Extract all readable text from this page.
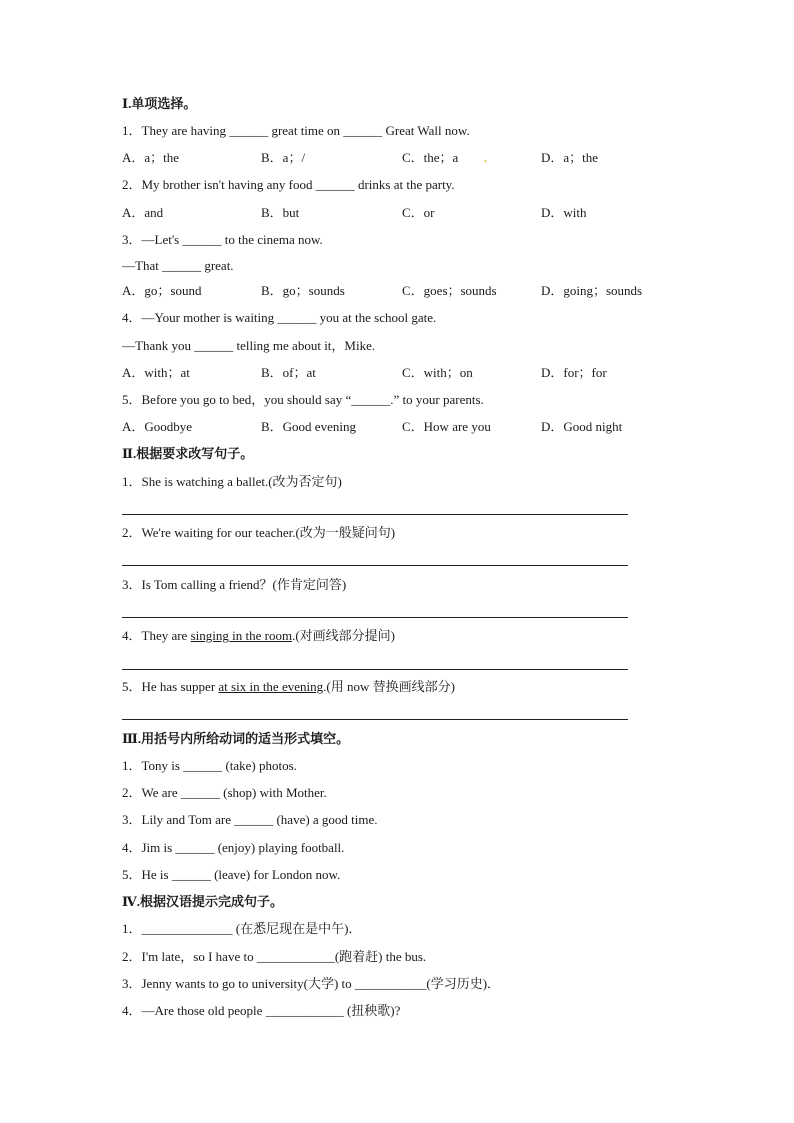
Ⅰ.单项选择。
1．They are having ______ great time on ______ Great Wall now.
A．a；the	B．a；/	C．the；a	D．a；the
,
2．My brother isn't having any food ______ drinks at the party.
A．and	B．but	C．or	D．with
3．—Let's ______ to the cinema now.
—That ______ great.
A．go；sound	B．go；sounds	C．goes；sounds	D．going；sounds
4．—Your mother is waiting ______ you at the school gate.
—Thank you ______ telling me about it，Mike.
A．with；at	B．of；at	C．with；on	D．for；for
5．Before you go to bed，you should say “______.” to your parents.
A．Goodbye	B．Good evening	C．How are you	D．Good night
Ⅱ.根据要求改写句子。
1．She is watching a ballet.(改为否定句)
2．We're waiting for our teacher.(改为一般疑问句)
3．Is Tom calling a friend？(作肯定问答)
4．They are singing in the room.(对画线部分提问)
5．He has supper at six in the evening.(用 now 替换画线部分)
Ⅲ.用括号内所给动词的适当形式填空。
1．Tony is ______ (take) photos.
2．We are ______ (shop) with Mother.
3．Lily and Tom are ______ (have) a good time.
4．Jim is ______ (enjoy) playing football.
5．He is ______ (leave) for London now.
Ⅳ.根据汉语提示完成句子。
1．______________ (在悉尼现在是中午)．
2．I'm late，so I have to ____________(跑着赶) the bus.
3．Jenny wants to go to university(大学) to ___________(学习历史)．
4．—Are those old people ____________ (扭秧歌)?
